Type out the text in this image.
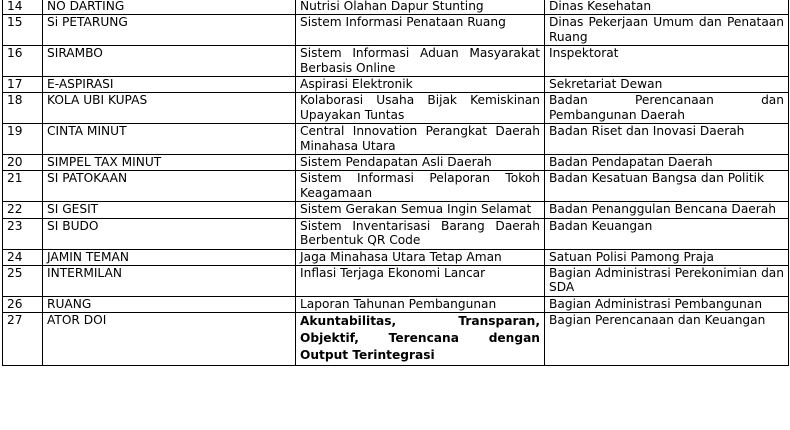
14	NO DARTING	Nutrisi Olahan Dapur Stunting	Dinas Kesehatan
15	Si PETARUNG	Sistem Informasi Penataan Ruang	Dinas Pekerjaan Umum dan Penataan Ruang
16	SIRAMBO	Sistem Informasi Aduan Masyarakat Berbasis Online	Inspektorat
17	E-ASPIRASI	Aspirasi Elektronik	Sekretariat Dewan
18	KOLA UBI KUPAS	Kolaborasi Usaha Bijak Kemiskinan Upayakan Tuntas	Badan Perencanaan dan Pembangunan Daerah
19	CINTA MINUT	Central Innovation Perangkat Daerah Minahasa Utara	Badan Riset dan Inovasi Daerah
20	SIMPEL TAX MINUT	Sistem Pendapatan Asli Daerah	Badan Pendapatan Daerah
21	SI PATOKAAN	Sistem Informasi Pelaporan Tokoh Keagamaan	Badan Kesatuan Bangsa dan Politik
22	SI GESIT	Sistem Gerakan Semua Ingin Selamat	Badan Penanggulan Bencana Daerah
23	SI BUDO	Sistem Inventarisasi Barang Daerah Berbentuk QR Code	Badan Keuangan
24	JAMIN TEMAN	Jaga Minahasa Utara Tetap Aman	Satuan Polisi Pamong Praja
25	INTERMILAN	Inflasi Terjaga Ekonomi Lancar	Bagian Administrasi Perekonimian dan SDA
26	RUANG	Laporan Tahunan Pembangunan	Bagian Administrasi Pembangunan
27	ATOR DOI	Akuntabilitas, Transparan, Objektif, Terencana dengan Output Terintegrasi	Bagian Perencanaan dan Keuangan
